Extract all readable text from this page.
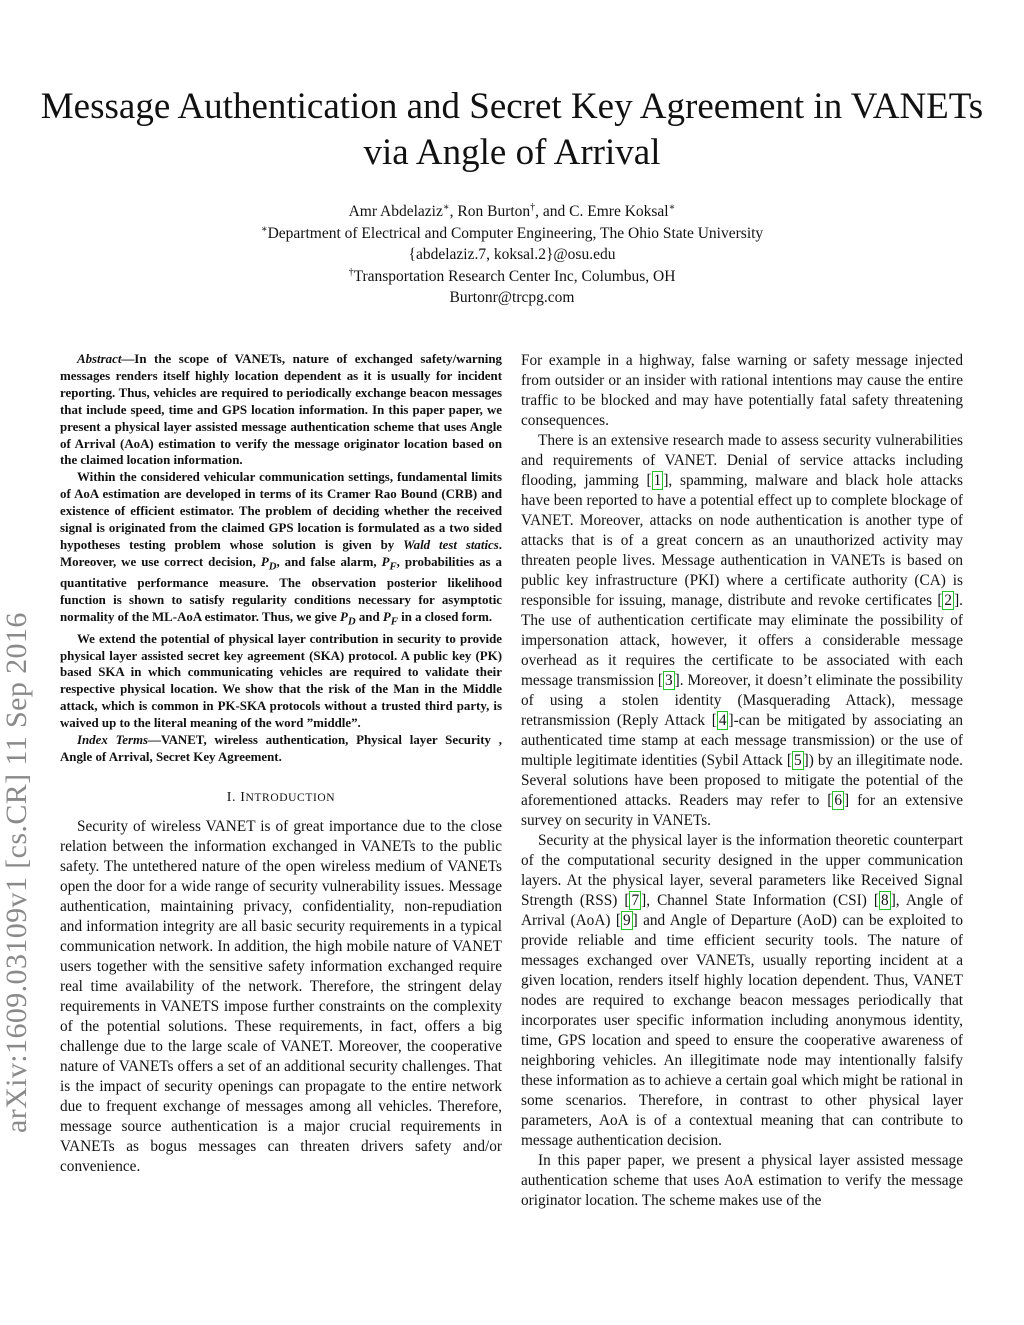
Message Authentication and Secret Key Agreement in VANETs via Angle of Arrival
Amr Abdelaziz∗, Ron Burton†, and C. Emre Koksal∗
∗Department of Electrical and Computer Engineering, The Ohio State University
{abdelaziz.7, koksal.2}@osu.edu
†Transportation Research Center Inc, Columbus, OH
Burtonr@trcpg.com
arXiv:1609.03109v1 [cs.CR] 11 Sep 2016

Abstract—In the scope of VANETs, nature of exchanged safety/warning messages renders itself highly location dependent as it is usually for incident reporting. Thus, vehicles are required to periodically exchange beacon messages that include speed, time and GPS location information. In this paper paper, we present a physical layer assisted message authentication scheme that uses Angle of Arrival (AoA) estimation to verify the message originator location based on the claimed location information.

Within the considered vehicular communication settings, fundamental limits of AoA estimation are developed in terms of its Cramer Rao Bound (CRB) and existence of efficient estimator. The problem of deciding whether the received signal is originated from the claimed GPS location is formulated as a two sided hypotheses testing problem whose solution is given by Wald test statics. Moreover, we use correct decision, $P_D$, and false alarm, $P_F$, probabilities as a quantitative performance measure. The observation posterior likelihood function is shown to satisfy regularity conditions necessary for asymptotic normality of the ML-AoA estimator. Thus, we give $P_D$ and $P_F$ in a closed form.

We extend the potential of physical layer contribution in security to provide physical layer assisted secret key agreement (SKA) protocol. A public key (PK) based SKA in which communicating vehicles are required to validate their respective physical location. We show that the risk of the Man in the Middle attack, which is common in PK-SKA protocols without a trusted third party, is waived up to the literal meaning of the word ”middle”.

Index Terms—VANET, wireless authentication, Physical layer Security , Angle of Arrival, Secret Key Agreement.

I. INTRODUCTION

Security of wireless VANET is of great importance due to the close relation between the information exchanged in VANETs to the public safety. The untethered nature of the open wireless medium of VANETs open the door for a wide range of security vulnerability issues. Message authentication, maintaining privacy, confidentiality, non-repudiation and information integrity are all basic security requirements in a typical communication network. In addition, the high mobile nature of VANET users together with the sensitive safety information exchanged require real time availability of the network. Therefore, the stringent delay requirements in VANETS impose further constraints on the complexity of the potential solutions. These requirements, in fact, offers a big challenge due to the large scale of VANET. Moreover, the cooperative nature of VANETs offers a set of an additional security challenges. That is the impact of security openings can propagate to the entire network due to frequent exchange of messages among all vehicles. Therefore, message source authentication is a major crucial requirements in VANETs as bogus messages can threaten drivers safety and/or convenience.

For example in a highway, false warning or safety message injected from outsider or an insider with rational intentions may cause the entire traffic to be blocked and may have potentially fatal safety threatening consequences.

There is an extensive research made to assess security vulnerabilities and requirements of VANET. Denial of service attacks including flooding, jamming [ 1 ], spamming, malware and black hole attacks have been reported to have a potential effect up to complete blockage of VANET. Moreover, attacks on node authentication is another type of attacks that is of a great concern as an unauthorized activity may threaten people lives. Message authentication in VANETs is based on public key infrastructure (PKI) where a certificate authority (CA) is responsible for issuing, manage, distribute and revoke certificates [ 2 ]. The use of authentication certificate may eliminate the possibility of impersonation attack, however, it offers a considerable message overhead as it requires the certificate to be associated with each message transmission [ 3 ]. Moreover, it doesn’t eliminate the possibility of using a stolen identity (Masquerading Attack), message retransmission (Reply Attack [ 4 ]-can be mitigated by associating an authenticated time stamp at each message transmission) or the use of multiple legitimate identities (Sybil Attack [ 5 ]) by an illegitimate node. Several solutions have been proposed to mitigate the potential of the aforementioned attacks. Readers may refer to [ 6 ] for an extensive survey on security in VANETs.

Security at the physical layer is the information theoretic counterpart of the computational security designed in the upper communication layers. At the physical layer, several parameters like Received Signal Strength (RSS) [ 7 ], Channel State Information (CSI) [ 8 ], Angle of Arrival (AoA) [ 9 ] and Angle of Departure (AoD) can be exploited to provide reliable and time efficient security tools. The nature of messages exchanged over VANETs, usually reporting incident at a given location, renders itself highly location dependent. Thus, VANET nodes are required to exchange beacon messages periodically that incorporates user specific information including anonymous identity, time, GPS location and speed to ensure the cooperative awareness of neighboring vehicles. An illegitimate node may intentionally falsify these information as to achieve a certain goal which might be rational in some scenarios. Therefore, in contrast to other physical layer parameters, AoA is of a contextual meaning that can contribute to message authentication decision.

In this paper paper, we present a physical layer assisted message authentication scheme that uses AoA estimation to verify the message originator location. The scheme makes use of the
